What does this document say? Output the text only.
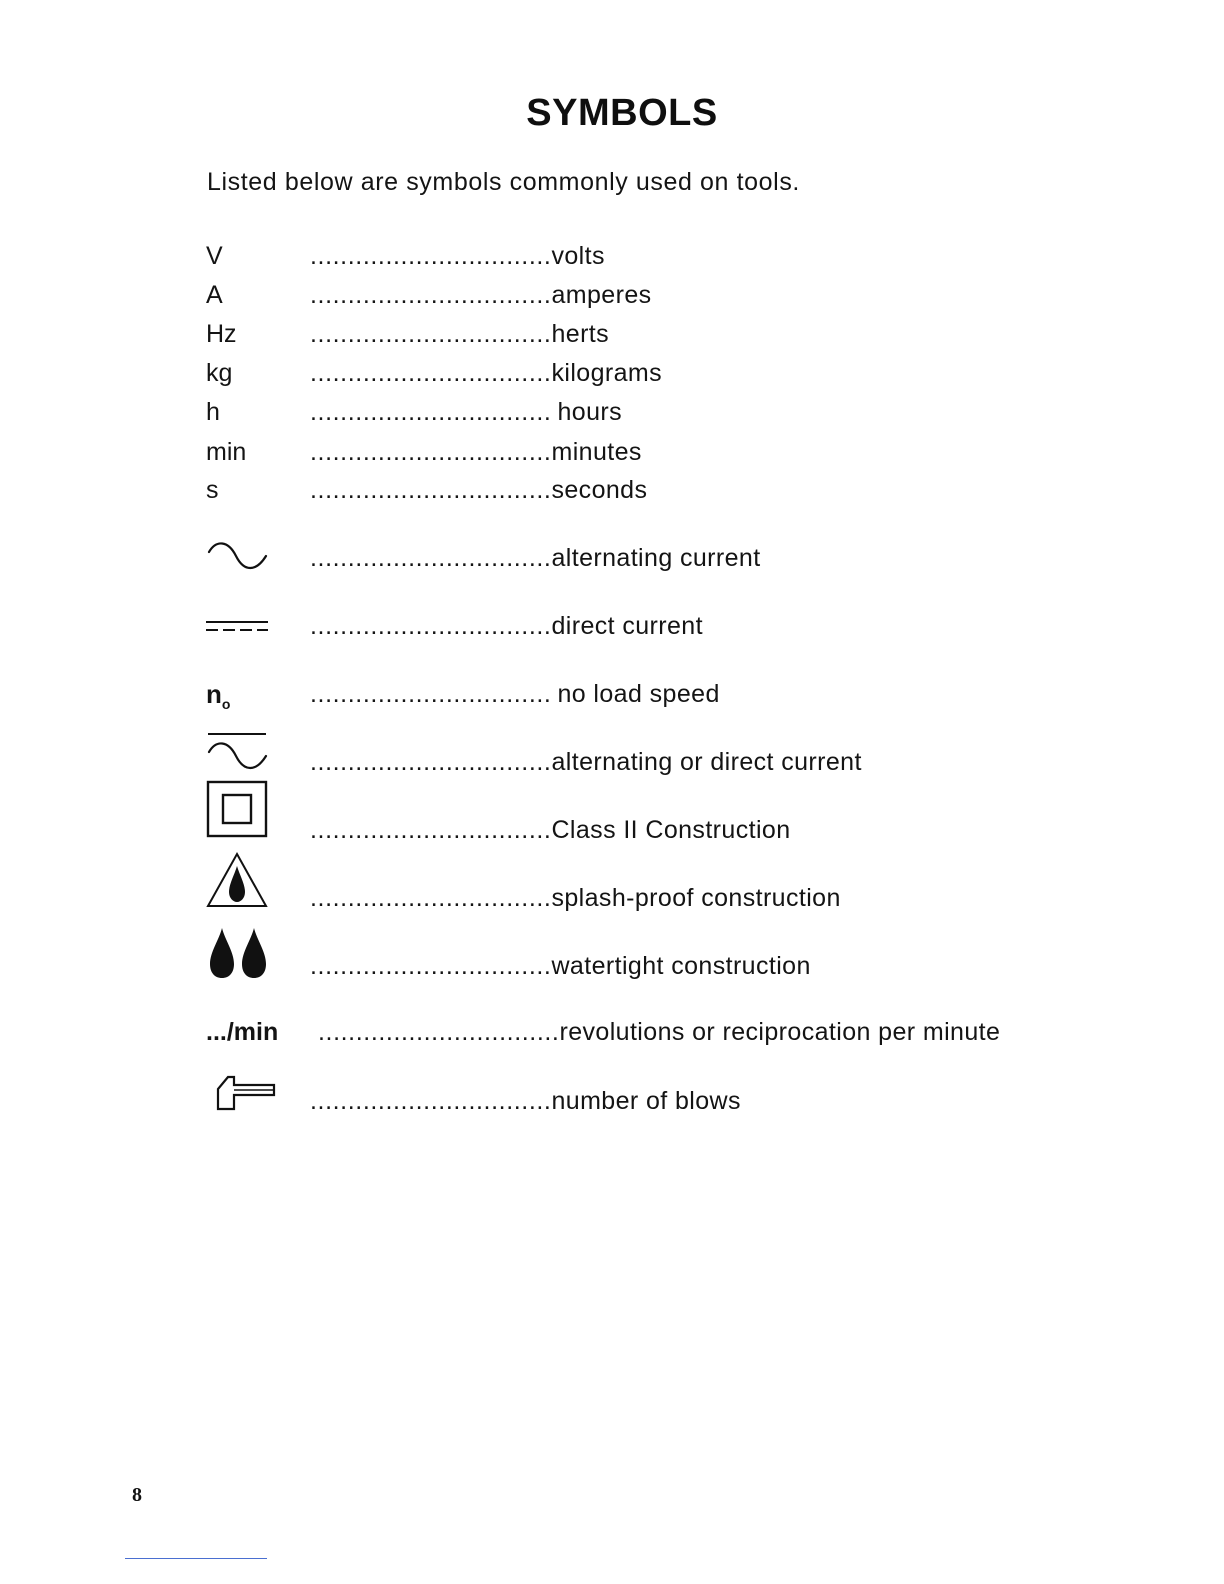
SYMBOLS
Listed below are symbols commonly used on tools.
V	................................volts
A	................................amperes
Hz	................................herts
kg	................................kilograms
h	................................ hours
min	................................minutes
s	................................seconds
................................alternating current
................................direct current
$n_o$	................................ no load speed
................................alternating or direct current
................................Class II Construction
................................splash-proof construction
................................watertight construction
.../min ................................revolutions or reciprocation per minute
................................number of blows
8
